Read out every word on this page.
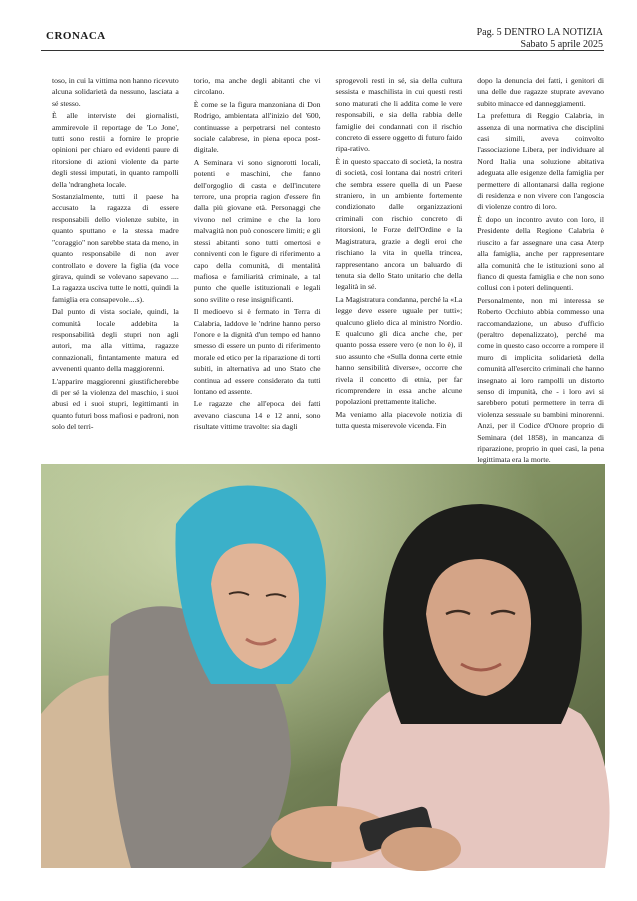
CRONACA	Pag. 5 DENTRO LA NOTIZIA
Sabato 5 aprile 2025

toso, in cui la vittima non hanno ricevuto alcuna solidarietà da nessuno, lasciata a sé stesso.

È alle interviste dei giornalisti, ammirevole il reportage de 'Lo Jone', tutti sono restii a fornire le proprie opinioni per chiaro ed evidenti paure di ritorsione di azioni violente da parte degli stessi imputati, in quanto rampolli della 'ndrangheta locale.

Sostanzialmente, tutti il paese ha accusato la ragazza di essere responsabili dello violenze subite, in quanto sputtano e la stessa madre "coraggio" non sarebbe stata da meno, in quanto responsabile di non aver controllato e dovere la figlia (da voce girava, quindi se volevano sapevano .... La ragazza usciva tutte le notti, quindi la famiglia era consapevole....s).

Dal punto di vista sociale, quindi, la comunità locale addebita la responsabilità degli stupri non agli autori, ma alla vittima, ragazze connazionali, fintantamente matura ed avvenenti quanto della maggiorenni.

L'apparire maggiorenni giustificherebbe di per sé la violenza del maschio, i suoi abusi ed i suoi stupri, legittimanti in quanto futuri boss mafiosi e padroni, non solo del terri-

torio, ma anche degli abitanti che vi circolano.

È come se la figura manzoniana di Don Rodrigo, ambientata all'inizio del '600, continuasse a perpetrarsi nel contesto sociale calabrese, in piena epoca post-digitale.

A Seminara vi sono signorotti locali, potenti e maschini, che fanno dell'orgoglio di casta e dell'incutere terrore, una propria ragion d'essere fin dalla più giovane età. Personaggi che vivono nel crimine e che la loro malvagità non può conoscere limiti; e gli stessi abitanti sono tutti omertosi e conniventi con le figure di riferimento a capo della comunità, di mentalità mafiosa e familiarità criminale, a tal punto che quelle istituzionali e legali sono svilite o rese insignificanti.

Il medioevo si è fermato in Terra di Calabria, laddove le 'ndrine hanno perso l'onore e la dignità d'un tempo ed hanno smesso di essere un punto di riferimento morale ed etico per la riparazione di torti subiti, in alternativa ad uno Stato che continua ad essere considerato da tutti lontano ed assente.

Le ragazze che all'epoca dei fatti avevano ciascuna 14 e 12 anni, sono risultate vittime travolte: sia dagli

sprogevoli resti in sé, sia della cultura sessista e maschilista in cui questi resti sono maturati che li addita come le vere responsabili, e sia della rabbia delle famiglie dei condannati con il rischio concreto di essere oggetto di futuro faido ripa-rativo.

È in questo spaccato di società, la nostra di società, così lontana dai nostri criteri che sembra essere quella di un Paese straniero, in un ambiente fortemente condizionato dalle organizzazioni criminali con rischio concreto di ritorsioni, le Forze dell'Ordine e la Magistratura, grazie a degli eroi che rischiano la vita in quella trincea, rappresentano ancora un baluardo di tenuta sia dello Stato unitario che della legalità in sé.

La Magistratura condanna, perché la «La legge deve essere uguale per tutti»; qualcuno glielo dica al ministro Nordio. E qualcuno gli dica anche che, per quanto possa essere vero (e non lo è), il suo assunto che «Sulla donna certe etnie hanno sensibilità diverse», occorre che rivela il concetto di etnia, per far ricomprendere in essa anche alcune popolazioni prettamente italiche.

Ma veniamo alla piacevole notizia di tutta questa miserevole vicenda. Fin

dopo la denuncia dei fatti, i genitori di una delle due ragazze stuprate avevano subito minacce ed danneggiamenti.

La prefettura di Reggio Calabria, in assenza di una normativa che disciplini casi simili, aveva coinvolto l'associazione Libera, per individuare al Nord Italia una soluzione abitativa adeguata alle esigenze della famiglia per permettere di allontanarsi dalla regione di residenza e non vivere con l'angoscia di violenze contro di loro.

È dopo un incontro avuto con loro, il Presidente della Regione Calabria è riuscito a far assegnare una casa Aterp alla famiglia, anche per rappresentare alla comunità che le istituzioni sono al fianco di questa famiglia e che non sono collusi con i poteri delinquenti.

Personalmente, non mi interessa se Roberto Occhiuto abbia commesso una raccomandazione, un abuso d'ufficio (peraltro depenalizzato), perché ma come in questo caso occorre a rompere il muro di implicita solidarietà della comunità all'esercito criminali che hanno insegnato ai loro rampolli un distorto senso di impunità, che - i loro avi si sarebbero potuti permettere in terra di violenza sessuale su bambini minorenni. Anzi, per il Codice d'Onore proprio di Seminara (del 1858), in mancanza di riparazione, proprio in quei casi, la pena legittimata era la morte.
